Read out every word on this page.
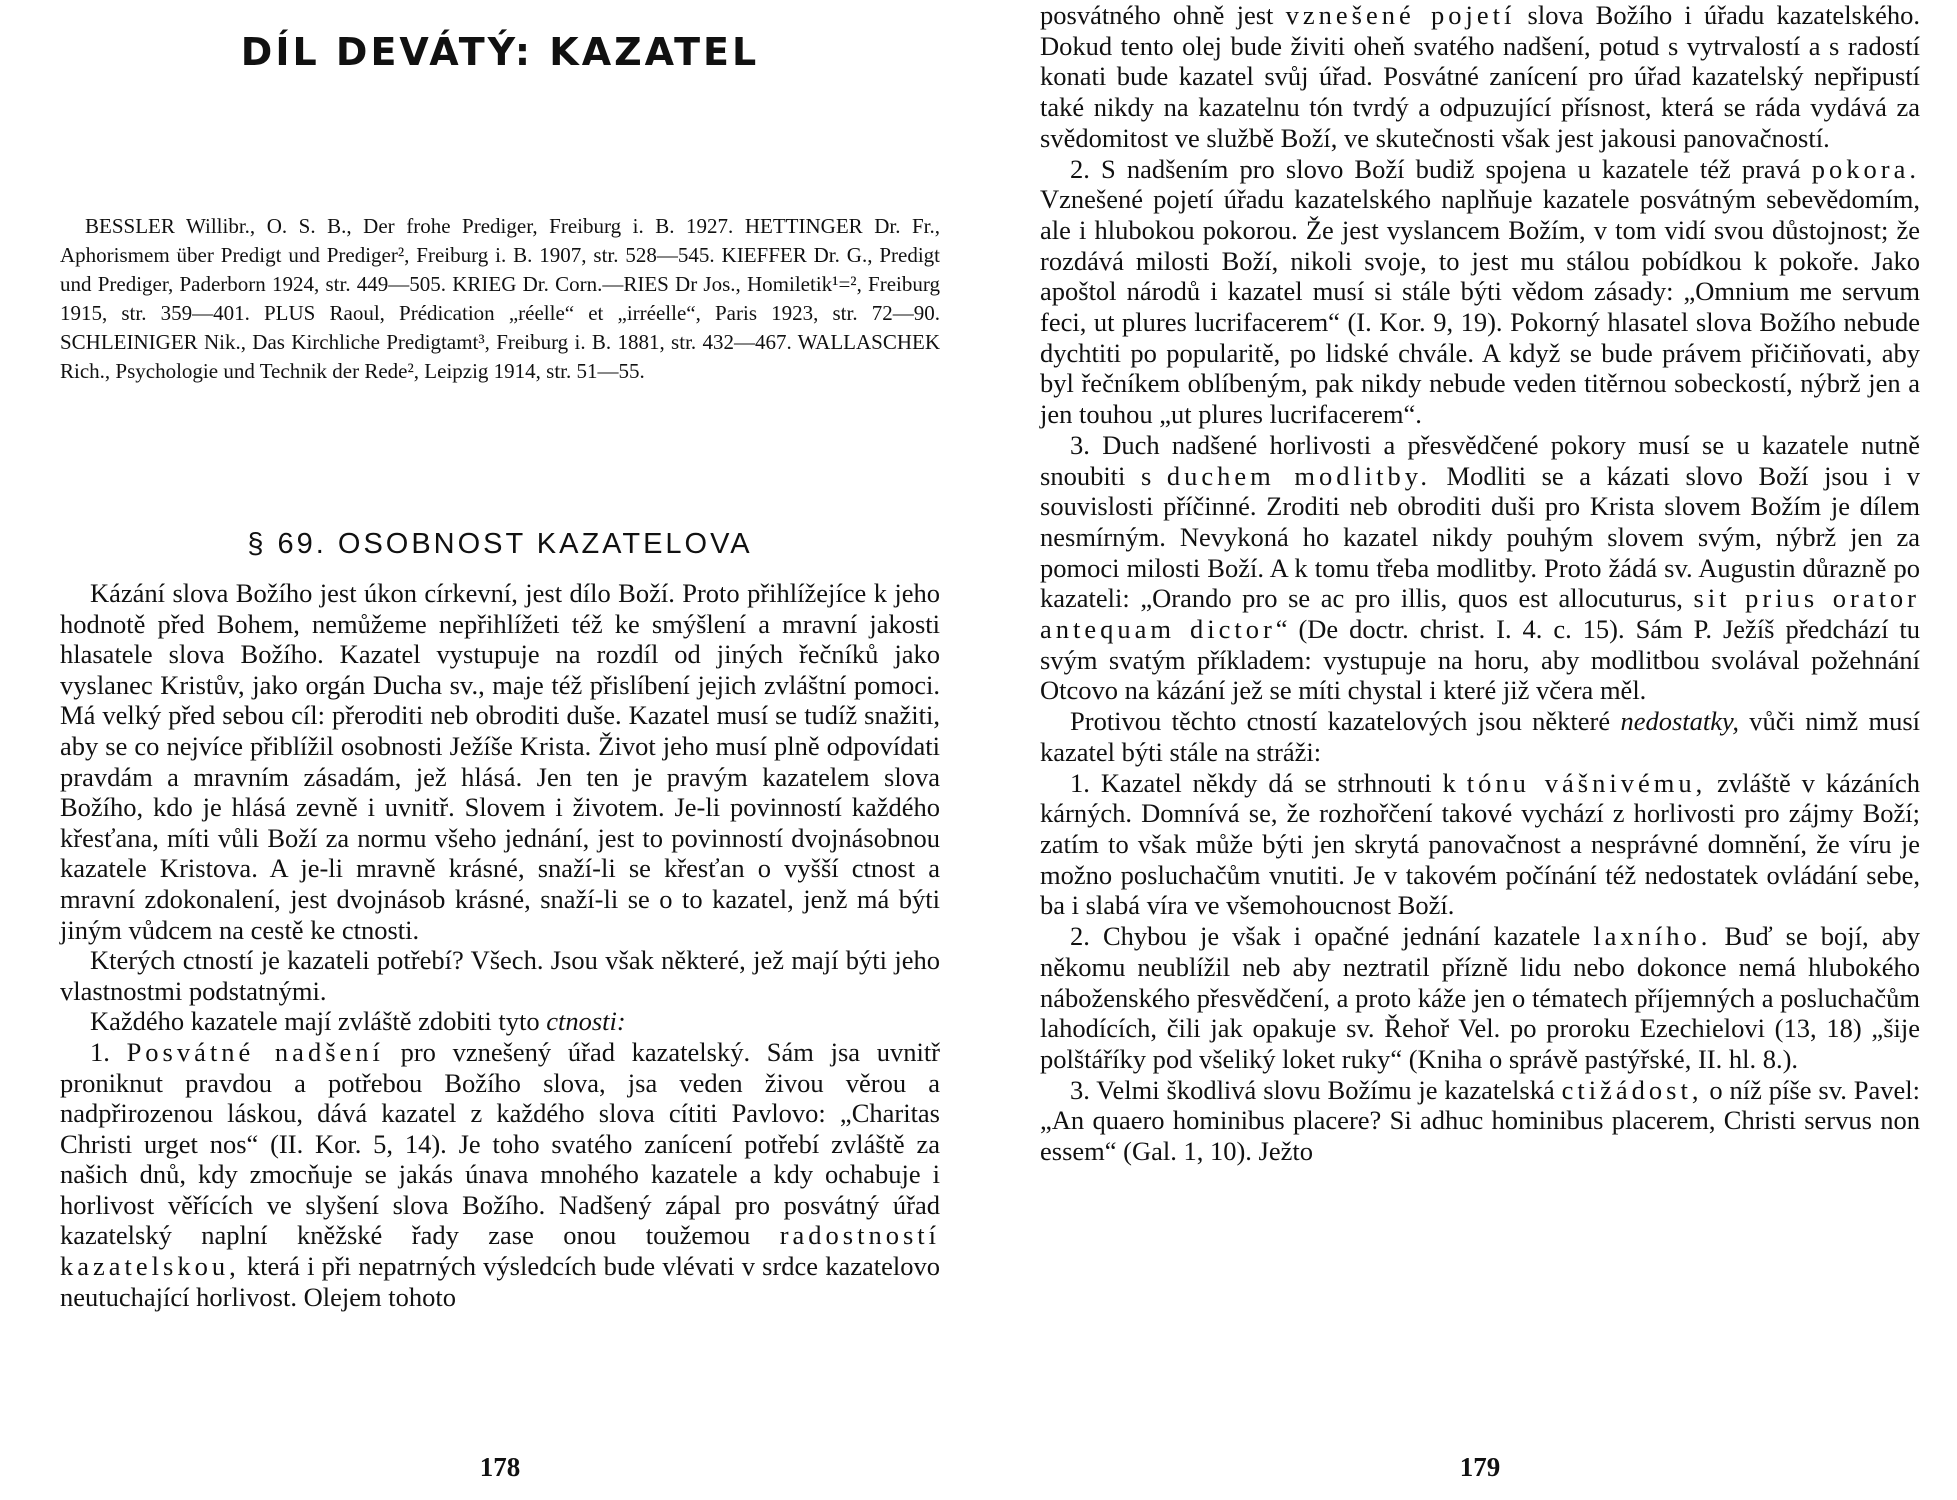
DÍL DEVÁTÝ: KAZATEL

BESSLER Willibr., O. S. B., Der frohe Prediger, Freiburg i. B. 1927. HETTINGER Dr. Fr., Aphorismem über Predigt und Prediger², Freiburg i. B. 1907, str. 528—545. KIEFFER Dr. G., Predigt und Prediger, Paderborn 1924, str. 449—505. KRIEG Dr. Corn.—RIES Dr Jos., Homiletik¹=², Freiburg 1915, str. 359—401. PLUS Raoul, Prédication „réelle“ et „irréelle“, Paris 1923, str. 72—90. SCHLEINIGER Nik., Das Kirchliche Predigtamt³, Freiburg i. B. 1881, str. 432—467. WALLASCHEK Rich., Psychologie und Technik der Rede², Leipzig 1914, str. 51—55.

§ 69. OSOBNOST KAZATELOVA

Kázání slova Božího jest úkon církevní, jest dílo Boží. Proto přihlížejíce k jeho hodnotě před Bohem, nemůžeme nepřihlížeti též ke smýšlení a mravní jakosti hlasatele slova Božího. Kazatel vystupuje na rozdíl od jiných řečníků jako vyslanec Kristův, jako orgán Ducha sv., maje též přislíbení jejich zvláštní pomoci. Má velký před sebou cíl: přeroditi neb obroditi duše. Kazatel musí se tudíž snažiti, aby se co nejvíce přiblížil osobnosti Ježíše Krista. Život jeho musí plně odpovídati pravdám a mravním zásadám, jež hlásá. Jen ten je pravým kazatelem slova Božího, kdo je hlásá zevně i uvnitř. Slovem i životem. Je-li povinností každého křesťana, míti vůli Boží za normu všeho jednání, jest to povinností dvojnásobnou kazatele Kristova. A je-li mravně krásné, snaží-li se křesťan o vyšší ctnost a mravní zdokonalení, jest dvojnásob krásné, snaží-li se o to kazatel, jenž má býti jiným vůdcem na cestě ke ctnosti.

Kterých ctností je kazateli potřebí? Všech. Jsou však některé, jež mají býti jeho vlastnostmi podstatnými.

Každého kazatele mají zvláště zdobiti tyto ctnosti:

1. Posvátné nadšení pro vznešený úřad kazatelský. Sám jsa uvnitř proniknut pravdou a potřebou Božího slova, jsa veden živou věrou a nadpřirozenou láskou, dává kazatel z každého slova cítiti Pavlovo: „Charitas Christi urget nos“ (II. Kor. 5, 14). Je toho svatého zanícení potřebí zvláště za našich dnů, kdy zmocňuje se jakás únava mnohého kazatele a kdy ochabuje i horlivost věřících ve slyšení slova Božího. Nadšený zápal pro posvátný úřad kazatelský naplní kněžské řady zase onou toužemou radostností kazatelskou, která i při nepatrných výsledcích bude vlévati v srdce kazatelovo neutuchající horlivost. Olejem tohoto

178

posvátného ohně jest vznešené pojetí slova Božího i úřadu kazatelského. Dokud tento olej bude živiti oheň svatého nadšení, potud s vytrvalostí a s radostí konati bude kazatel svůj úřad. Posvátné zanícení pro úřad kazatelský nepřipustí také nikdy na kazatelnu tón tvrdý a odpuzující přísnost, která se ráda vydává za svědomitost ve službě Boží, ve skutečnosti však jest jakousi panovačností.

2. S nadšením pro slovo Boží budiž spojena u kazatele též pravá pokora. Vznešené pojetí úřadu kazatelského naplňuje kazatele posvátným sebevědomím, ale i hlubokou pokorou. Že jest vyslancem Božím, v tom vidí svou důstojnost; že rozdává milosti Boží, nikoli svoje, to jest mu stálou pobídkou k pokoře. Jako apoštol národů i kazatel musí si stále býti vědom zásady: „Omnium me servum feci, ut plures lucrifacerem“ (I. Kor. 9, 19). Pokorný hlasatel slova Božího nebude dychtiti po popularitě, po lidské chvále. A když se bude právem přičiňovati, aby byl řečníkem oblíbeným, pak nikdy nebude veden titěrnou sobeckostí, nýbrž jen a jen touhou „ut plures lucrifacerem“.

3. Duch nadšené horlivosti a přesvědčené pokory musí se u kazatele nutně snoubiti s duchem modlitby. Modliti se a kázati slovo Boží jsou i v souvislosti příčinné. Zroditi neb obroditi duši pro Krista slovem Božím je dílem nesmírným. Nevykoná ho kazatel nikdy pouhým slovem svým, nýbrž jen za pomoci milosti Boží. A k tomu třeba modlitby. Proto žádá sv. Augustin důrazně po kazateli: „Orando pro se ac pro illis, quos est allocuturus, sit prius orator antequam dictor“ (De doctr. christ. I. 4. c. 15). Sám P. Ježíš předchází tu svým svatým příkladem: vystupuje na horu, aby modlitbou svolával požehnání Otcovo na kázání jež se míti chystal i které již včera měl.

Protivou těchto ctností kazatelových jsou některé nedostatky, vůči nimž musí kazatel býti stále na stráži:

1. Kazatel někdy dá se strhnouti k tónu vášnivému, zvláště v kázáních kárných. Domnívá se, že rozhořčení takové vychází z horlivosti pro zájmy Boží; zatím to však může býti jen skrytá panovačnost a nesprávné domnění, že víru je možno posluchačům vnutiti. Je v takovém počínání též nedostatek ovládání sebe, ba i slabá víra ve všemohoucnost Boží.

2. Chybou je však i opačné jednání kazatele laxního. Buď se bojí, aby někomu neublížil neb aby neztratil přízně lidu nebo dokonce nemá hlubokého náboženského přesvědčení, a proto káže jen o tématech příjemných a posluchačům lahodících, čili jak opakuje sv. Řehoř Vel. po proroku Ezechielovi (13, 18) „šije polštáříky pod všeliký loket ruky“ (Kniha o správě pastýřské, II. hl. 8.).

3. Velmi škodlivá slovu Božímu je kazatelská ctižádost, o níž píše sv. Pavel: „An quaero hominibus placere? Si adhuc hominibus placerem, Christi servus non essem“ (Gal. 1, 10). Ježto

179
